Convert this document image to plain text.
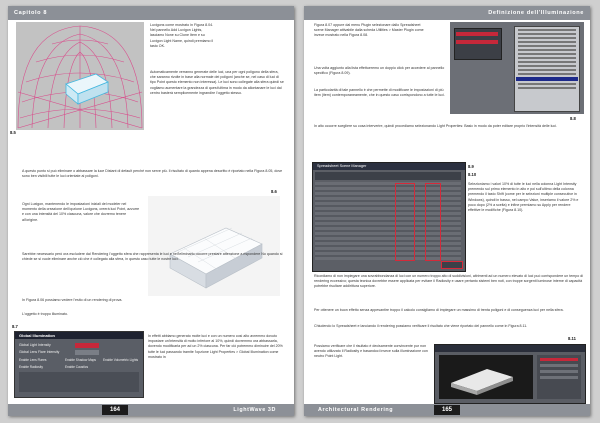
Capitolo 8
8.5

Luxigons come mostrato in Figura 8.04. Nel pannello Add Luxigon Lights, lasciamo None su Clone Item e su Luxigon Light Name, quindi premiamo il tasto OK.

Automaticamente verranno generate delle luci, una per ogni poligono della sfera, che saranno rivolte in base alla normale dei poligoni (anche se, nel caso di luci di tipo Point questo elemento non interessa). Le luci sono collegate alla sfera quindi se vogliamo aumentare la grandezza di quest'ultima in modo da allontanare le luci dal centro basterà semplicemente ingrandire l'oggetto stesso.

A questo punto si può eliminare o abbassare la luce Distant di default perché non serve più. Il risultato di quanto appena descritto è riportato nella Figura 8.05, dove sono ben visibili tutte le luci orientate ai poligoni.

8.6

Ogni Luxigon, mantenendo le impostazioni iniziali del modeler nel momento della creazione dell'opzione Luxigons, creerà luci Point, azzurre e con una intensità del 10% ciascuna, valore che dovremo tenere all'origine.

Sarebbe necessario però ora escludere dal Rendering l'oggetto sfera che rappresenta le luci e nell'eliminarlo occorre prestare attenzione a rispondere No quando si chiede se si vuole eliminare anche ciò che è collegato alla sfera, in questo caso tutte le nostre luci.

In Figura 8.06 possiamo vedere l'esito di un rendering di prova.

L'oggetto è troppo illuminato.

8.7
Global Illumination
Global Light Intensity
Global Lens Flare Intensity
Enable Lens Flares	Enable Shadow Maps Enable Volumetric Lights
Enable Radiosity	Enable Caustics

In effetti abbiamo generato molte luci e con un numero così alto avremmo dovuto impostare un'intensità di molto inferiore al 10%, quindi dovremmo ora abbassarla, dovendo modificarla per ad un 2% ciascuna. Per far ciò potremmo diminuire del 20% tutte le luci passando tramite l'opzione Light Properties > Global Illumination come mostrato in

LightWave 3D
164
Definizione dell'Illuminazione

Figura 8.07 oppure dal menu Plugin selezionare dallo Spreadsheet scene Manager attivabile dalla scheda Utilities > Master Plugin come invece mostrato nella Figura 8.08.

8.8

Una volta aggiunto alla lista effettueremo un doppio click per accedere al pannello specifico (Figura 8.09).

La particolarità di tale pannello è che permette di modificare le impostazioni di più item (item) contemporaneamente, che in questo caso corrispondono a tutte le luci.

In alto occorre scegliere su cosa interverire, quindi procediamo selezionando Light Properties: Basic in modo da poter editare proprio l'intensità delle luci.

Spreadsheet Scene Manager	8.9
8.10

Selezioniamo i valori 10% di tutte le luci nella colonna Light Intensity premendo sul primo elemento in alto e poi sull'ultimo della colonna premendo il tasto Shift (come per le selezioni multiple consecutive in Windows), quindi in basso, nel campo Value, inseriamo il valore 2% e poco dopo (2% a scelta) e infine premiamo su Apply per rendere effettive le modifiche (Figura 8.10).

Ricordiamo di non impiegare una sovrabbondanza di luci con un numero troppo alto di suddivisioni, altrimenti ad un numero elevato di luci può corrispondere un tempo di rendering eccessivo; questa tecnica dovrebbe essere applicata per evitare il Radiosity e usare pertanto sistemi ben noti, con troppe sorgenti luminose interne di capacità potrebbe risultare addirittura superiore.

Per ottenere un buon effetto senza appesantire troppo il calcolo consigliamo di impiegare un massimo di trenta poligoni e di conseguenza luci per nella sfera.

Chiudendo lo Spreadsheet e lanciando il rendering possiamo verificare il risultato che viene riportato del pannello come in Figura 8.11.

8.11

Possiamo verificare che il risultato è decisamente convincente pur non avendo utilizzato il Radiosity e basandoci invece sulla illuminazione con neutro Point Light.

Architectural Rendering	165
